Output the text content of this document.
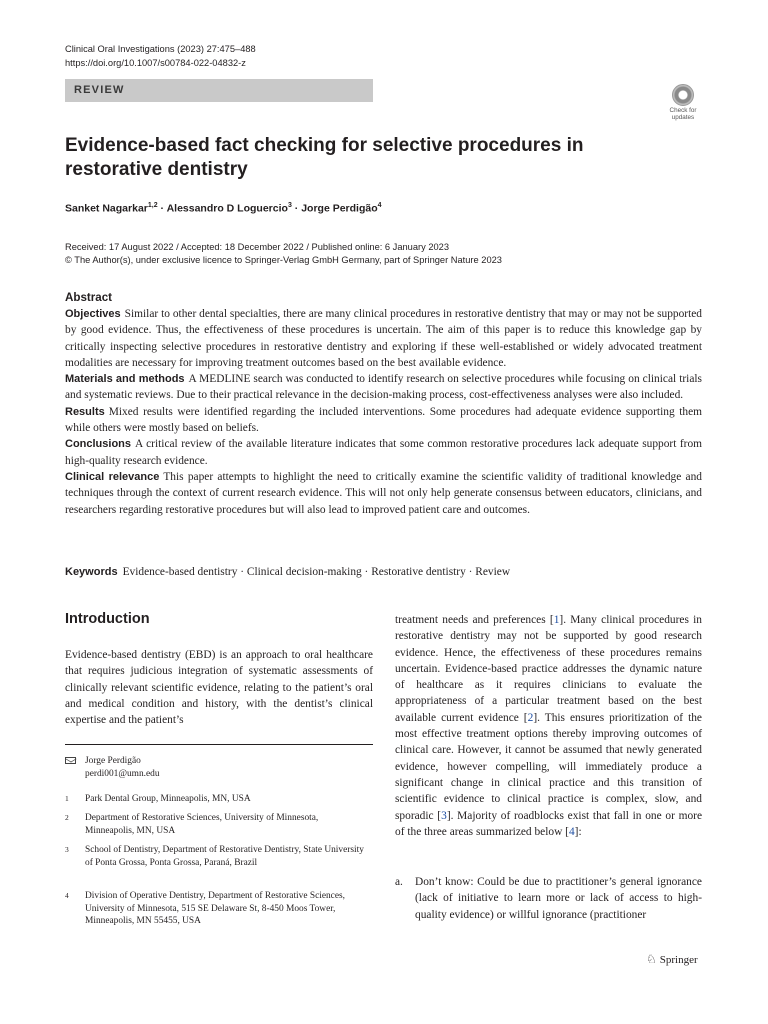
Clinical Oral Investigations (2023) 27:475–488
https://doi.org/10.1007/s00784-022-04832-z
REVIEW
Check for
updates
Evidence-based fact checking for selective procedures in restorative dentistry
Sanket Nagarkar$^{1,2}$ · Alessandro D Loguercio$^3$ · Jorge Perdigão$^4$
Received: 17 August 2022 / Accepted: 18 December 2022 / Published online: 6 January 2023
© The Author(s), under exclusive licence to Springer-Verlag GmbH Germany, part of Springer Nature 2023
Abstract

Objectives Similar to other dental specialties, there are many clinical procedures in restorative dentistry that may or may not be supported by good evidence. Thus, the effectiveness of these procedures is uncertain. The aim of this paper is to reduce this knowledge gap by critically inspecting selective procedures in restorative dentistry and exploring if these well-established or widely advocated treatment modalities are necessary for improving treatment outcomes based on the best available evidence.

Materials and methods A MEDLINE search was conducted to identify research on selective procedures while focusing on clinical trials and systematic reviews. Due to their practical relevance in the decision-making process, cost-effectiveness analyses were also included.

Results Mixed results were identified regarding the included interventions. Some procedures had adequate evidence supporting them while others were mostly based on beliefs.

Conclusions A critical review of the available literature indicates that some common restorative procedures lack adequate support from high-quality research evidence.

Clinical relevance This paper attempts to highlight the need to critically examine the scientific validity of traditional knowledge and techniques through the context of current research evidence. This will not only help generate consensus between educators, clinicians, and researchers regarding restorative procedures but will also lead to improved patient care and outcomes.

Keywords Evidence-based dentistry · Clinical decision-making · Restorative dentistry · Review
Introduction

Evidence-based dentistry (EBD) is an approach to oral healthcare that requires judicious integration of systematic assessments of clinically relevant scientific evidence, relating to the patient’s oral and medical condition and history, with the dentist’s clinical expertise and the patient’s

Jorge Perdigão
perdi001@umn.edu
1 Park Dental Group, Minneapolis, MN, USA
2 Department of Restorative Sciences, University of Minnesota, Minneapolis, MN, USA
3 School of Dentistry, Department of Restorative Dentistry, State University of Ponta Grossa, Ponta Grossa, Paraná, Brazil
4 Division of Operative Dentistry, Department of Restorative Sciences, University of Minnesota, 515 SE Delaware St, 8-450 Moos Tower, Minneapolis, MN 55455, USA

treatment needs and preferences [1]. Many clinical procedures in restorative dentistry may not be supported by good research evidence. Hence, the effectiveness of these procedures remains uncertain. Evidence-based practice addresses the dynamic nature of healthcare as it requires clinicians to evaluate the appropriateness of a particular treatment based on the best available current evidence [2]. This ensures prioritization of the most effective treatment options thereby improving outcomes of clinical care. However, it cannot be assumed that newly generated evidence, however compelling, will immediately produce a significant change in clinical practice and this transition of scientific evidence to clinical practice is complex, slow, and sporadic [3]. Majority of roadblocks exist that fall in one or more of the three areas summarized below [4]:

a. Don’t know: Could be due to practitioner’s general ignorance (lack of initiative to learn more or lack of access to high-quality evidence) or willful ignorance (practitioner
♘ Springer
